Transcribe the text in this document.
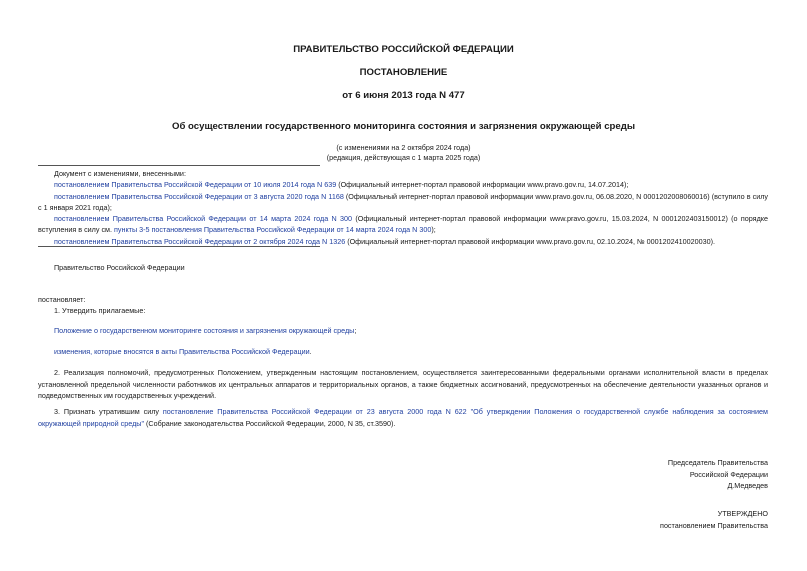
ПРАВИТЕЛЬСТВО РОССИЙСКОЙ ФЕДЕРАЦИИ
ПОСТАНОВЛЕНИЕ
от 6 июня 2013 года N 477
Об осуществлении государственного мониторинга состояния и загрязнения окружающей среды
(с изменениями на 2 октября 2024 года)
(редакция, действующая с 1 марта 2025 года)
Документ с изменениями, внесенными:
постановлением Правительства Российской Федерации от 10 июля 2014 года N 639 (Официальный интернет-портал правовой информации www.pravo.gov.ru, 14.07.2014);
постановлением Правительства Российской Федерации от 3 августа 2020 года N 1168 (Официальный интернет-портал правовой информации www.pravo.gov.ru, 06.08.2020, N 0001202008060016) (вступило в силу с 1 января 2021 года);
постановлением Правительства Российской Федерации от 14 марта 2024 года N 300 (Официальный интернет-портал правовой информации www.pravo.gov.ru, 15.03.2024, N 0001202403150012) (о порядке вступления в силу см. пункты 3-5 постановления Правительства Российской Федерации от 14 марта 2024 года N 300);
постановлением Правительства Российской Федерации от 2 октября 2024 года N 1326 (Официальный интернет-портал правовой информации www.pravo.gov.ru, 02.10.2024, № 0001202410020030).
Правительство Российской Федерации
постановляет:
1. Утвердить прилагаемые:
Положение о государственном мониторинге состояния и загрязнения окружающей среды;
изменения, которые вносятся в акты Правительства Российской Федерации.
2. Реализация полномочий, предусмотренных Положением, утвержденным настоящим постановлением, осуществляется заинтересованными федеральными органами исполнительной власти в пределах установленной предельной численности работников их центральных аппаратов и территориальных органов, а также бюджетных ассигнований, предусмотренных на обеспечение деятельности указанных органов и подведомственных им государственных учреждений.
3. Признать утратившим силу постановление Правительства Российской Федерации от 23 августа 2000 года N 622 "Об утверждении Положения о государственной службе наблюдения за состоянием окружающей природной среды" (Собрание законодательства Российской Федерации, 2000, N 35, ст.3590).
Председатель Правительства
Российской Федерации
Д.Медведев
УТВЕРЖДЕНО
постановлением Правительства
